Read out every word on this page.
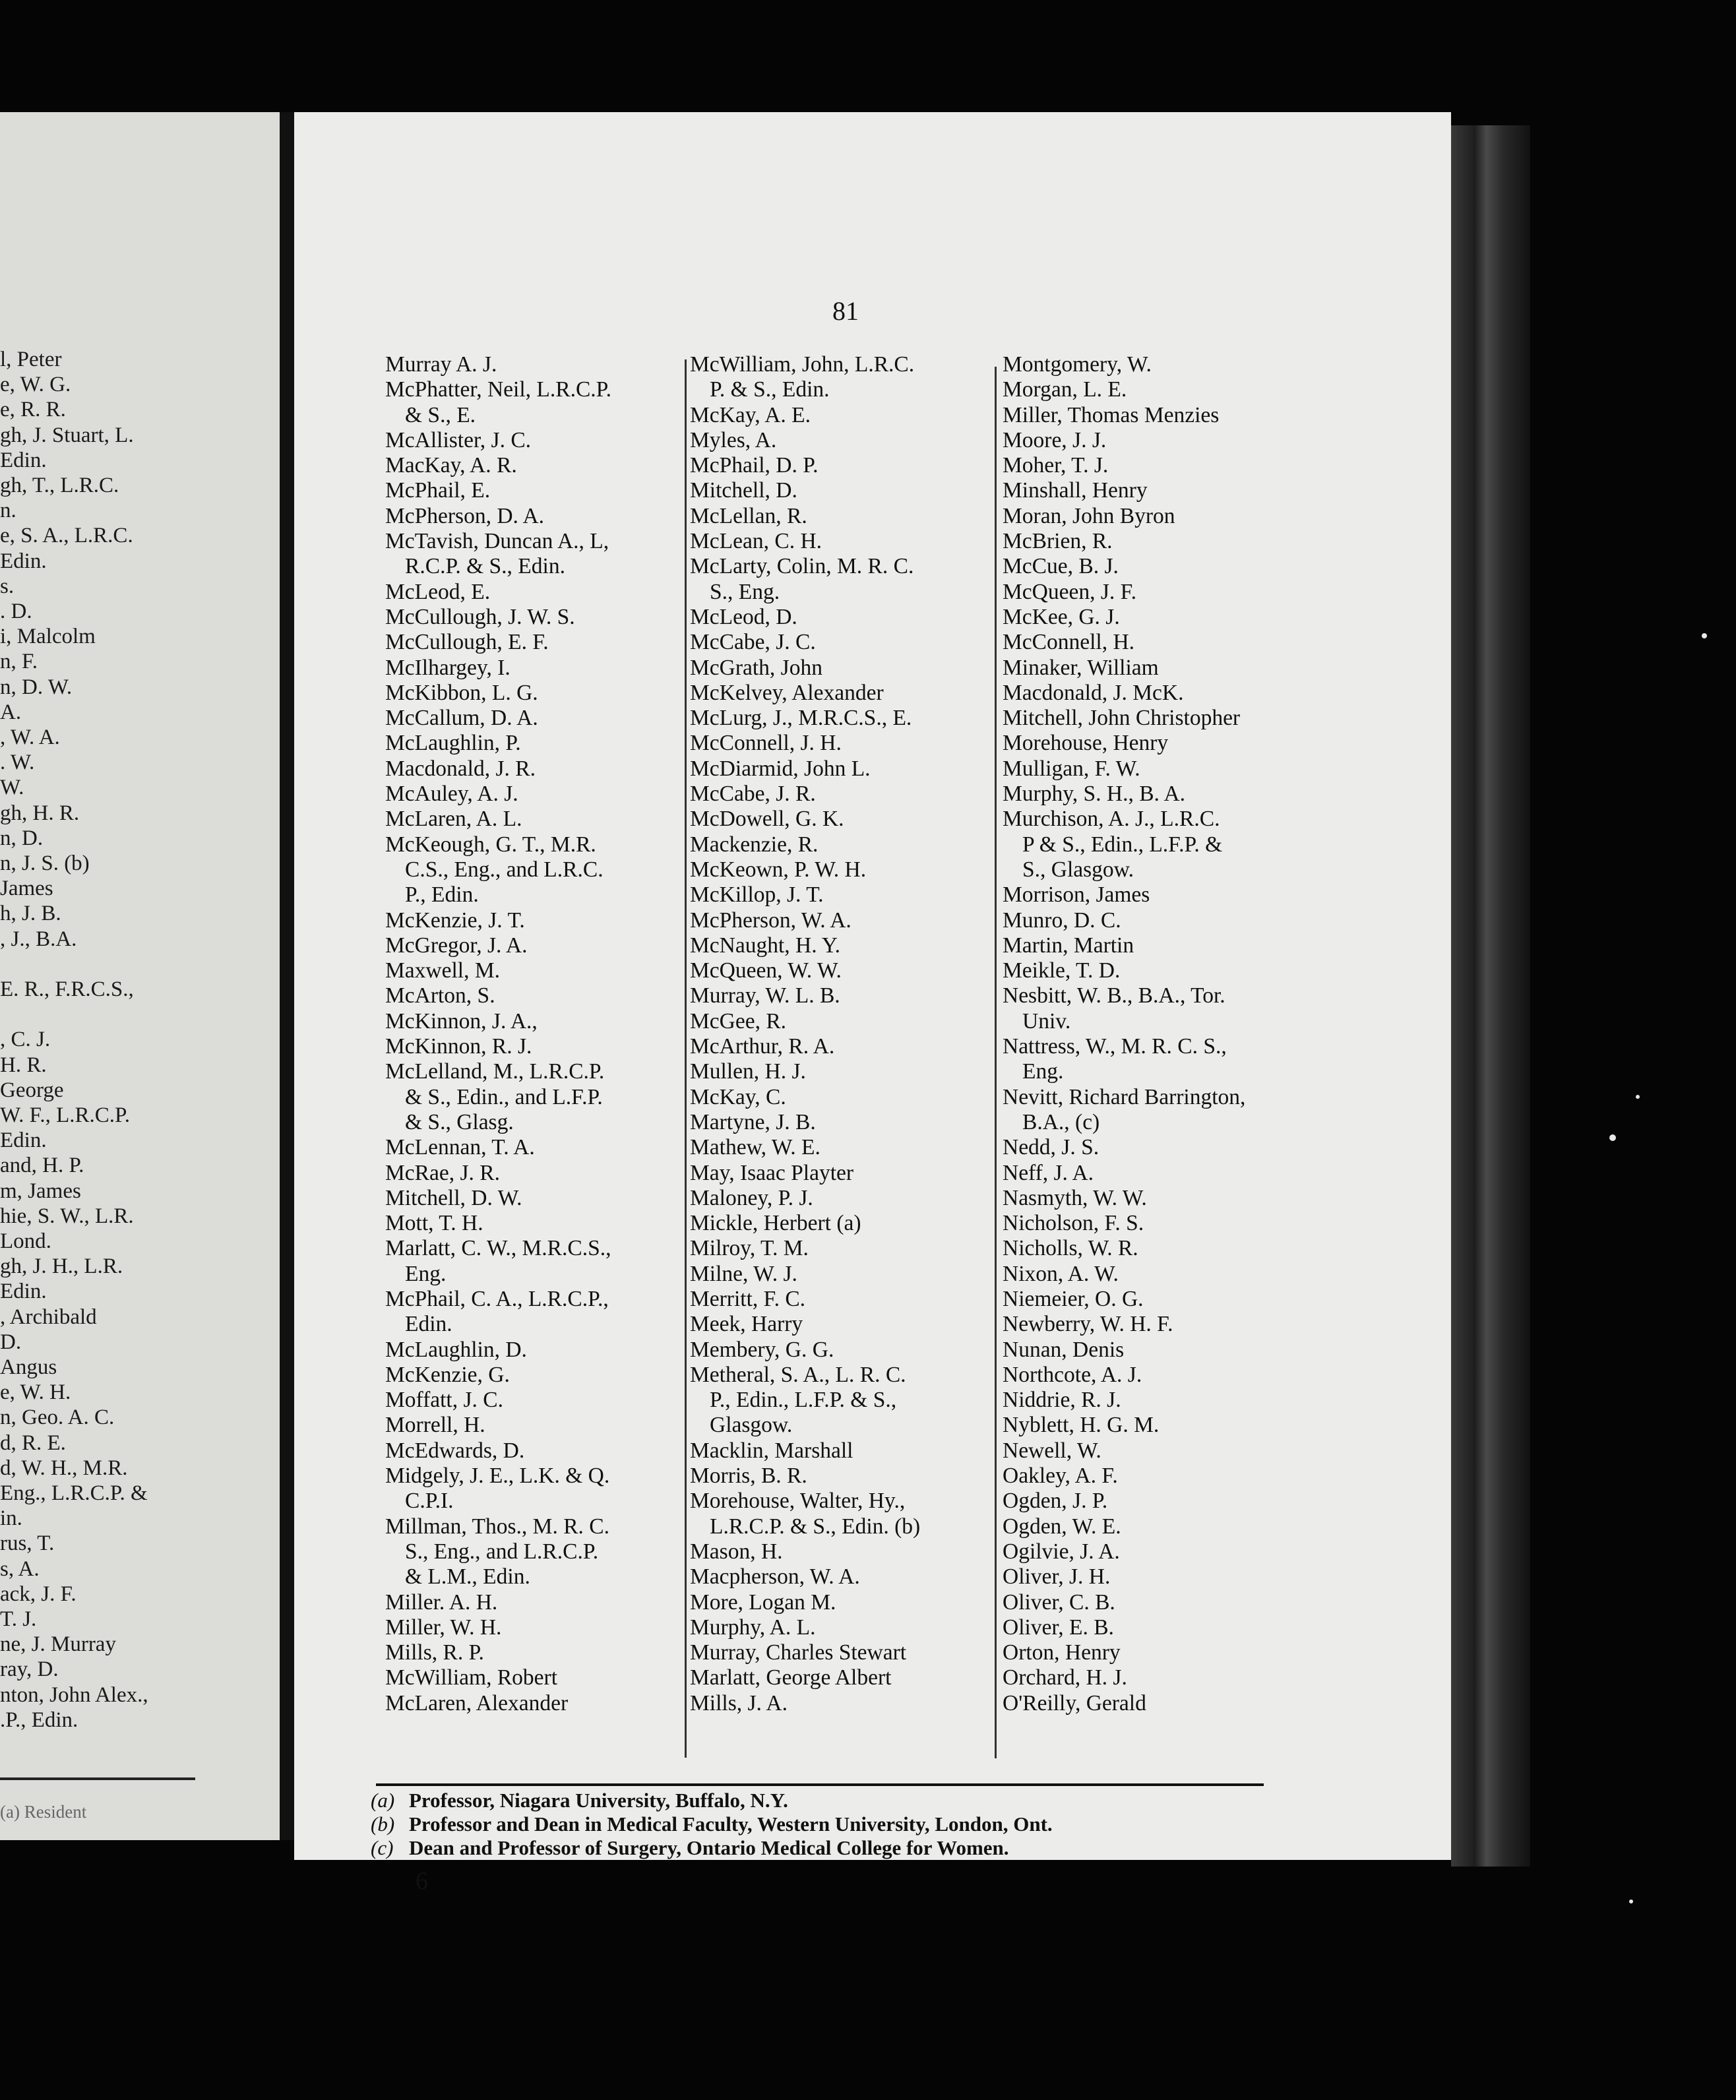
(a) Resident
l, Peter
e, W. G.
e, R. R.
gh, J. Stuart, L.
Edin.
gh, T., L.R.C.
n.
e, S. A., L.R.C.
Edin.
s.
. D.
i, Malcolm
n, F.
n, D. W.
A.
, W. A.
. W.
W.
gh, H. R.
n, D.
n, J. S. (b)
James
h, J. B.
, J., B.A.
E. R., F.R.C.S.,
, C. J.
H. R.
George
W. F., L.R.C.P.
Edin.
and, H. P.
m, James
hie, S. W., L.R.
Lond.
gh, J. H., L.R.
Edin.
, Archibald
D.
Angus
e, W. H.
n, Geo. A. C.
d, R. E.
d, W. H., M.R.
Eng., L.R.C.P. &
in.
rus, T.
s, A.
ack, J. F.
T. J.
ne, J. Murray
ray, D.
nton, John Alex.,
.P., Edin.
81
Murray A. J.
McPhatter, Neil, L.R.C.P.
& S., E.
McAllister, J. C.
MacKay, A. R.
McPhail, E.
McPherson, D. A.
McTavish, Duncan A., L,
R.C.P. & S., Edin.
McLeod, E.
McCullough, J. W. S.
McCullough, E. F.
McIlhargey, I.
McKibbon, L. G.
McCallum, D. A.
McLaughlin, P.
Macdonald, J. R.
McAuley, A. J.
McLaren, A. L.
McKeough, G. T., M.R.
C.S., Eng., and L.R.C.
P., Edin.
McKenzie, J. T.
McGregor, J. A.
Maxwell, M.
McArton, S.
McKinnon, J. A.,
McKinnon, R. J.
McLelland, M., L.R.C.P.
& S., Edin., and L.F.P.
& S., Glasg.
McLennan, T. A.
McRae, J. R.
Mitchell, D. W.
Mott, T. H.
Marlatt, C. W., M.R.C.S.,
Eng.
McPhail, C. A., L.R.C.P.,
Edin.
McLaughlin, D.
McKenzie, G.
Moffatt, J. C.
Morrell, H.
McEdwards, D.
Midgely, J. E., L.K. & Q.
C.P.I.
Millman, Thos., M. R. C.
S., Eng., and L.R.C.P.
& L.M., Edin.
Miller. A. H.
Miller, W. H.
Mills, R. P.
McWilliam, Robert
McLaren, Alexander
McWilliam, John, L.R.C.
P. & S., Edin.
McKay, A. E.
Myles, A.
McPhail, D. P.
Mitchell, D.
McLellan, R.
McLean, C. H.
McLarty, Colin, M. R. C.
S., Eng.
McLeod, D.
McCabe, J. C.
McGrath, John
McKelvey, Alexander
McLurg, J., M.R.C.S., E.
McConnell, J. H.
McDiarmid, John L.
McCabe, J. R.
McDowell, G. K.
Mackenzie, R.
McKeown, P. W. H.
McKillop, J. T.
McPherson, W. A.
McNaught, H. Y.
McQueen, W. W.
Murray, W. L. B.
McGee, R.
McArthur, R. A.
Mullen, H. J.
McKay, C.
Martyne, J. B.
Mathew, W. E.
May, Isaac Playter
Maloney, P. J.
Mickle, Herbert (a)
Milroy, T. M.
Milne, W. J.
Merritt, F. C.
Meek, Harry
Membery, G. G.
Metheral, S. A., L. R. C.
P., Edin., L.F.P. & S.,
Glasgow.
Macklin, Marshall
Morris, B. R.
Morehouse, Walter, Hy.,
L.R.C.P. & S., Edin. (b)
Mason, H.
Macpherson, W. A.
More, Logan M.
Murphy, A. L.
Murray, Charles Stewart
Marlatt, George Albert
Mills, J. A.
Montgomery, W.
Morgan, L. E.
Miller, Thomas Menzies
Moore, J. J.
Moher, T. J.
Minshall, Henry
Moran, John Byron
McBrien, R.
McCue, B. J.
McQueen, J. F.
McKee, G. J.
McConnell, H.
Minaker, William
Macdonald, J. McK.
Mitchell, John Christopher
Morehouse, Henry
Mulligan, F. W.
Murphy, S. H., B. A.
Murchison, A. J., L.R.C.
P & S., Edin., L.F.P. &
S., Glasgow.
Morrison, James
Munro, D. C.
Martin, Martin
Meikle, T. D.
Nesbitt, W. B., B.A., Tor.
Univ.
Nattress, W., M. R. C. S.,
Eng.
Nevitt, Richard Barrington,
B.A., (c)
Nedd, J. S.
Neff, J. A.
Nasmyth, W. W.
Nicholson, F. S.
Nicholls, W. R.
Nixon, A. W.
Niemeier, O. G.
Newberry, W. H. F.
Nunan, Denis
Northcote, A. J.
Niddrie, R. J.
Nyblett, H. G. M.
Newell, W.
Oakley, A. F.
Ogden, J. P.
Ogden, W. E.
Ogilvie, J. A.
Oliver, J. H.
Oliver, C. B.
Oliver, E. B.
Orton, Henry
Orchard, H. J.
O'Reilly, Gerald
(a) Professor, Niagara University, Buffalo, N.Y.
(b) Professor and Dean in Medical Faculty, Western University, London, Ont.
(c) Dean and Professor of Surgery, Ontario Medical College for Women.
6
